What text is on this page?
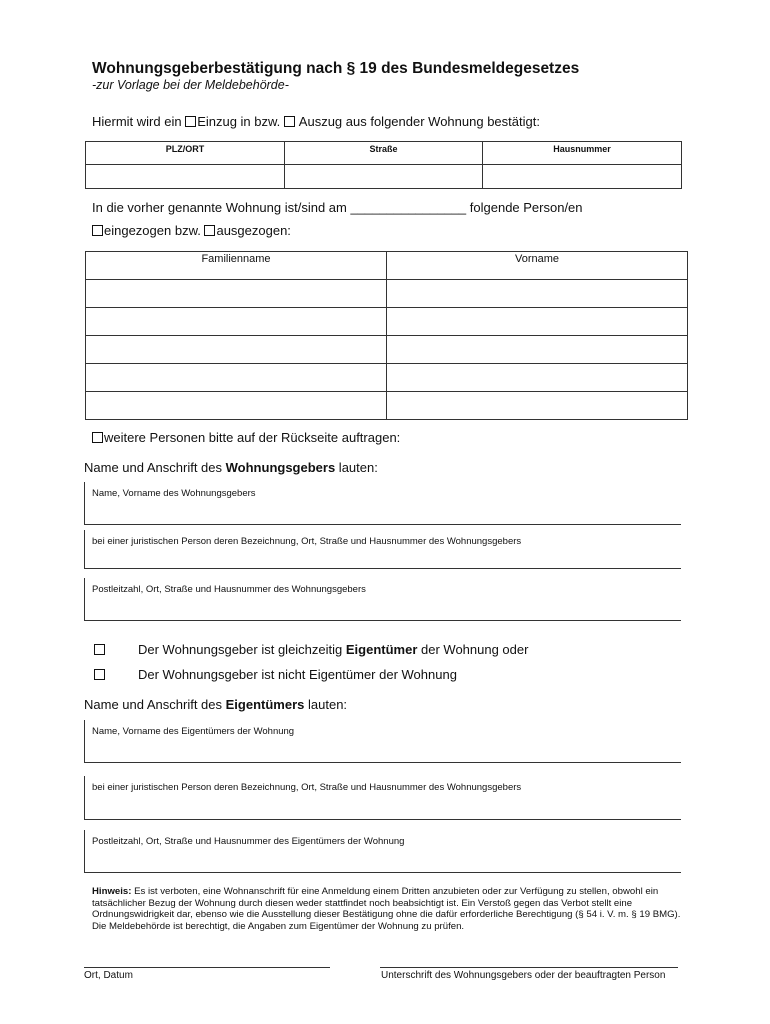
Wohnungsgeberbestätigung nach § 19 des Bundesmeldegesetzes
-zur Vorlage bei der Meldebehörde-
Hiermit wird ein Einzug in bzw.  Auszug aus folgender Wohnung bestätigt:
PLZ/ORT	Straße	Hausnummer

In die vorher genannte Wohnung ist/sind am ________________ folgende Person/en
eingezogen bzw. ausgezogen:
Familienname	Vorname

weitere Personen bitte auf der Rückseite auftragen:
Name und Anschrift des Wohnungsgebers lauten:
Name, Vorname des Wohnungsgebers
bei einer juristischen Person deren Bezeichnung, Ort, Straße und Hausnummer des Wohnungsgebers
Postleitzahl, Ort, Straße und Hausnummer des Wohnungsgebers
Der Wohnungsgeber ist gleichzeitig Eigentümer der Wohnung oder
Der Wohnungsgeber ist nicht Eigentümer der Wohnung
Name und Anschrift des Eigentümers lauten:
Name, Vorname des Eigentümers der Wohnung
bei einer juristischen Person deren Bezeichnung, Ort, Straße und Hausnummer des Wohnungsgebers
Postleitzahl, Ort, Straße und Hausnummer des Eigentümers der Wohnung
Hinweis: Es ist verboten, eine Wohnanschrift für eine Anmeldung einem Dritten anzubieten oder zur Verfügung zu stellen, obwohl ein tatsächlicher Bezug der Wohnung durch diesen weder stattfindet noch beabsichtigt ist. Ein Verstoß gegen das Verbot stellt eine Ordnungswidrigkeit dar, ebenso wie die Ausstellung dieser Bestätigung ohne die dafür erforderliche Berechtigung (§ 54 i. V. m. § 19 BMG). Die Meldebehörde ist berechtigt, die Angaben zum Eigentümer der Wohnung zu prüfen.
Ort, Datum	Unterschrift des Wohnungsgebers oder der beauftragten Person
